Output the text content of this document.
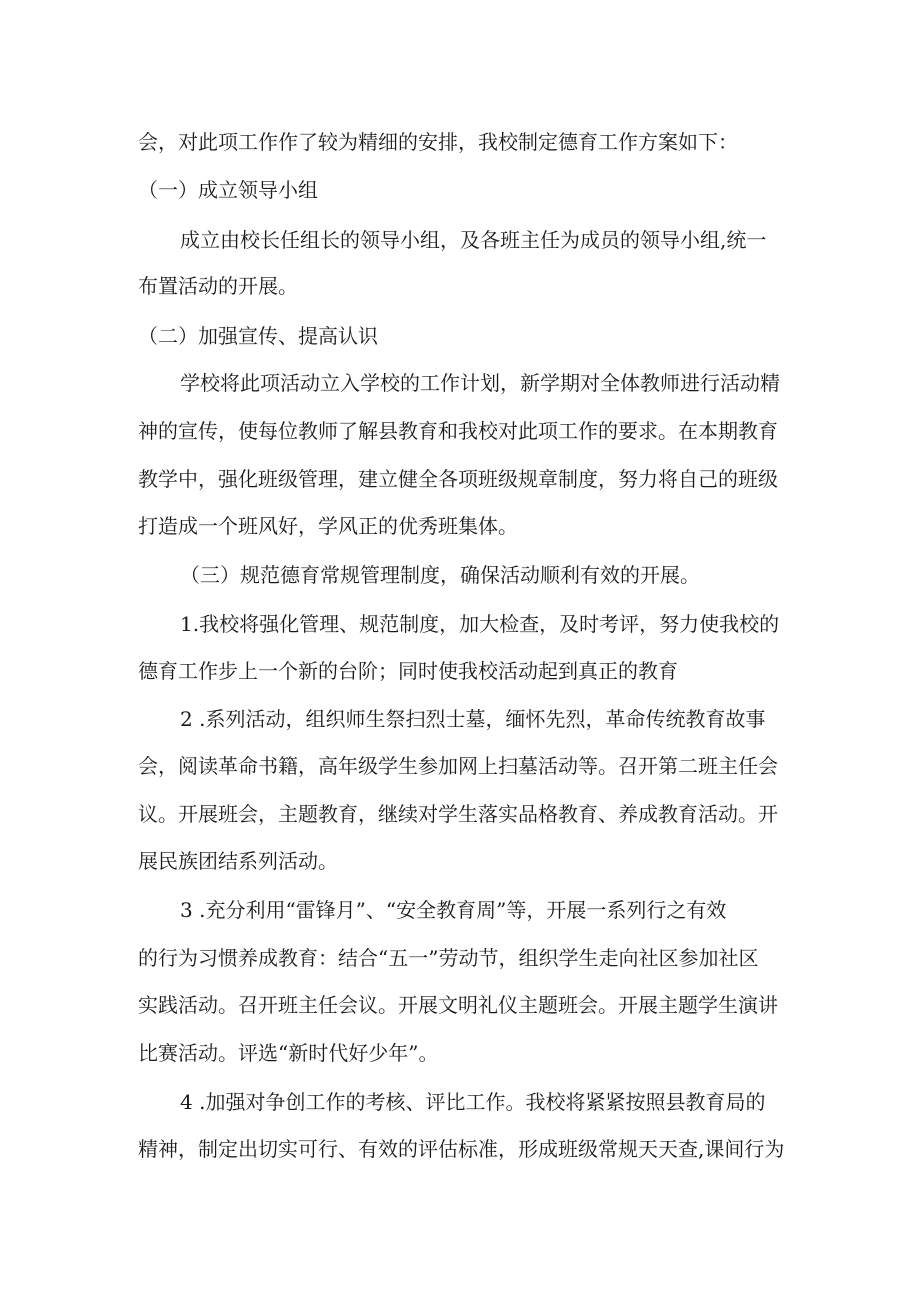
会，对此项工作作了较为精细的安排，我校制定德育工作方案如下：
（一）成立领导小组
成立由校长任组长的领导小组，及各班主任为成员的领导小组,统一
布置活动的开展。
（二）加强宣传、提高认识
学校将此项活动立入学校的工作计划，新学期对全体教师进行活动精
神的宣传，使每位教师了解县教育和我校对此项工作的要求。在本期教育
教学中，强化班级管理，建立健全各项班级规章制度，努力将自己的班级
打造成一个班风好，学风正的优秀班集体。
（三）规范德育常规管理制度，确保活动顺利有效的开展。
1.我校将强化管理、规范制度，加大检查，及时考评，努力使我校的
德育工作步上一个新的台阶；同时使我校活动起到真正的教育
2 .系列活动，组织师生祭扫烈士墓，缅怀先烈，革命传统教育故事
会，阅读革命书籍，高年级学生参加网上扫墓活动等。召开第二班主任会
议。开展班会，主题教育，继续对学生落实品格教育、养成教育活动。开
展民族团结系列活动。
3 .充分利用“雷锋月”、“安全教育周”等，开展一系列行之有效
的行为习惯养成教育：结合“五一”劳动节，组织学生走向社区参加社区
实践活动。召开班主任会议。开展文明礼仪主题班会。开展主题学生演讲
比赛活动。评选“新时代好少年”。
4 .加强对争创工作的考核、评比工作。我校将紧紧按照县教育局的
精神，制定出切实可行、有效的评估标准，形成班级常规天天查,课间行为
